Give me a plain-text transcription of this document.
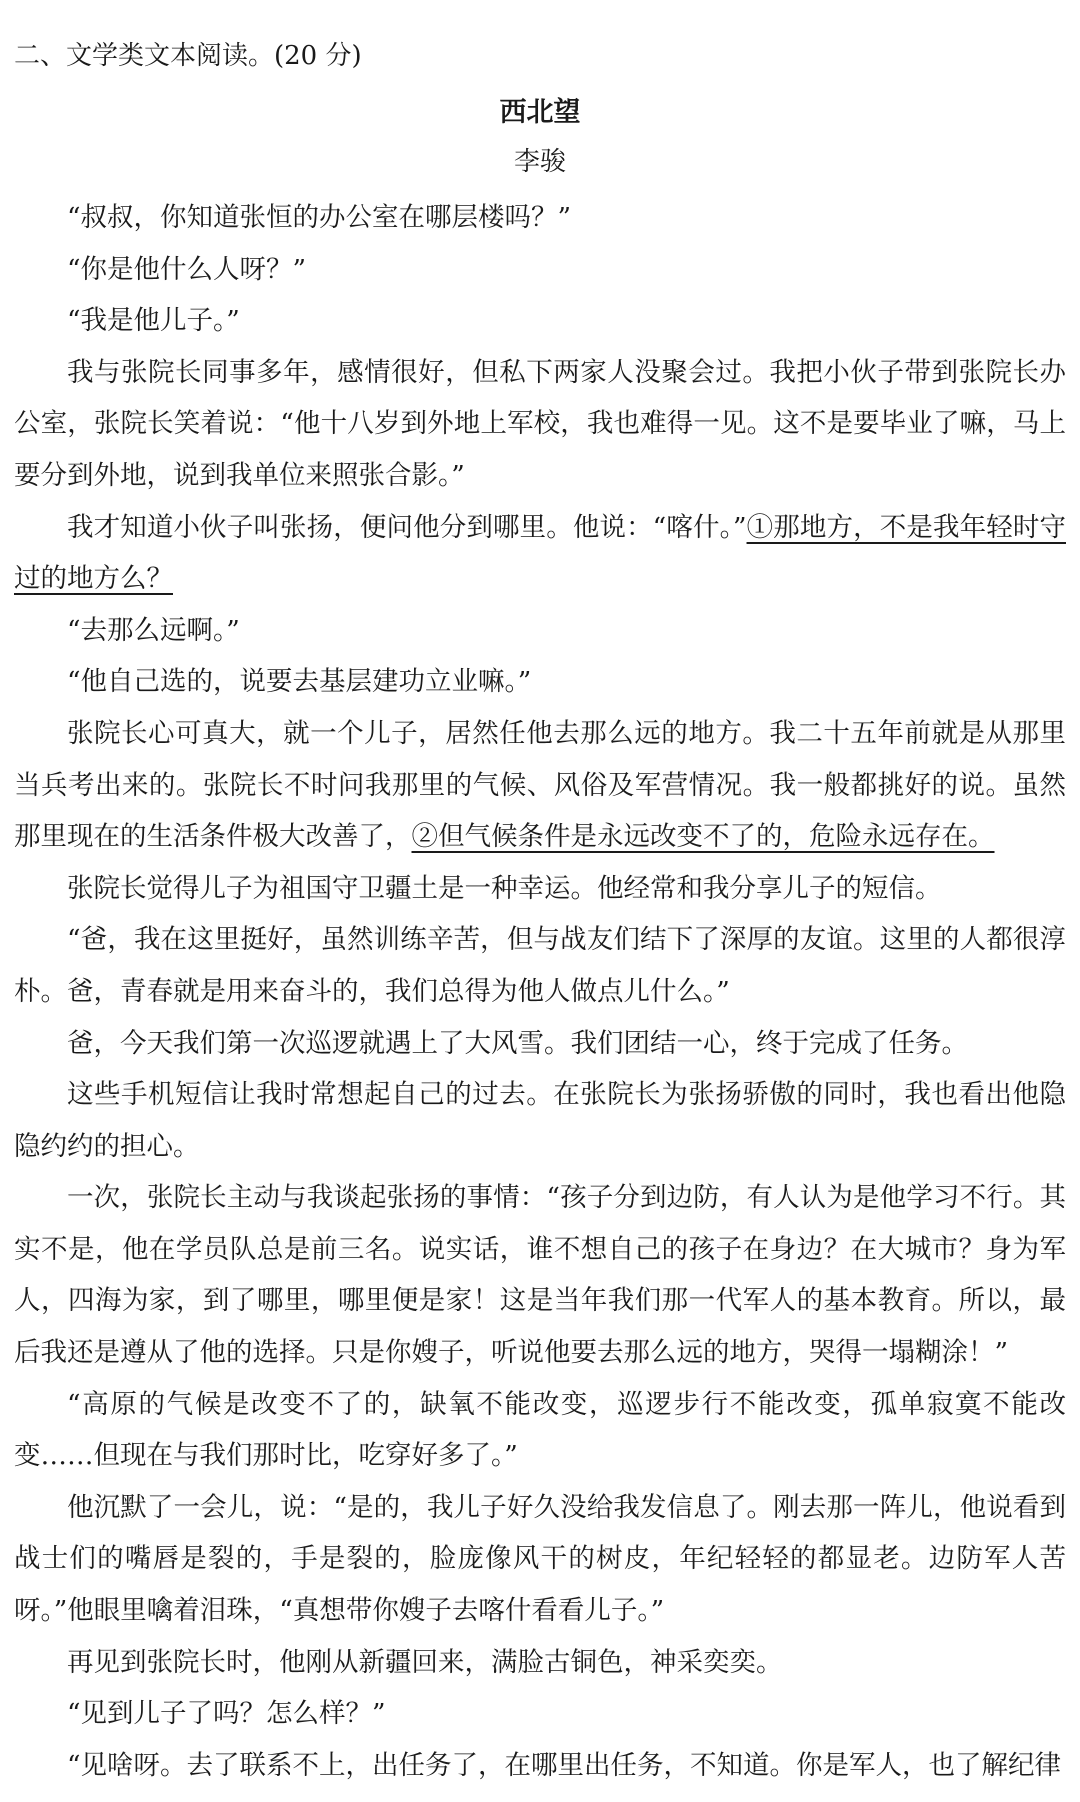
二、文学类文本阅读。(20 分)
西北望
李骏

“叔叔，你知道张恒的办公室在哪层楼吗？”

“你是他什么人呀？”

“我是他儿子。”

我与张院长同事多年，感情很好，但私下两家人没聚会过。我把小伙子带到张院长办公室，张院长笑着说：“他十八岁到外地上军校，我也难得一见。这不是要毕业了嘛，马上要分到外地，说到我单位来照张合影。”

我才知道小伙子叫张扬，便问他分到哪里。他说：“喀什。”①那地方，不是我年轻时守过的地方么？

“去那么远啊。”

“他自己选的，说要去基层建功立业嘛。”

张院长心可真大，就一个儿子，居然任他去那么远的地方。我二十五年前就是从那里当兵考出来的。张院长不时问我那里的气候、风俗及军营情况。我一般都挑好的说。虽然那里现在的生活条件极大改善了，②但气候条件是永远改变不了的，危险永远存在。

张院长觉得儿子为祖国守卫疆土是一种幸运。他经常和我分享儿子的短信。

“爸，我在这里挺好，虽然训练辛苦，但与战友们结下了深厚的友谊。这里的人都很淳朴。爸，青春就是用来奋斗的，我们总得为他人做点儿什么。”

爸，今天我们第一次巡逻就遇上了大风雪。我们团结一心，终于完成了任务。

这些手机短信让我时常想起自己的过去。在张院长为张扬骄傲的同时，我也看出他隐隐约约的担心。

一次，张院长主动与我谈起张扬的事情：“孩子分到边防，有人认为是他学习不行。其实不是，他在学员队总是前三名。说实话，谁不想自己的孩子在身边？在大城市？身为军人，四海为家，到了哪里，哪里便是家！这是当年我们那一代军人的基本教育。所以，最后我还是遵从了他的选择。只是你嫂子，听说他要去那么远的地方，哭得一塌糊涂！”

“高原的气候是改变不了的，缺氧不能改变，巡逻步行不能改变，孤单寂寞不能改变……但现在与我们那时比，吃穿好多了。”

他沉默了一会儿，说：“是的，我儿子好久没给我发信息了。刚去那一阵儿，他说看到战士们的嘴唇是裂的，手是裂的，脸庞像风干的树皮，年纪轻轻的都显老。边防军人苦呀。”他眼里噙着泪珠，“真想带你嫂子去喀什看看儿子。”

再见到张院长时，他刚从新疆回来，满脸古铜色，神采奕奕。

“见到儿子了吗？怎么样？”

“见啥呀。去了联系不上，出任务了，在哪里出任务，不知道。你是军人，也了解纪律
